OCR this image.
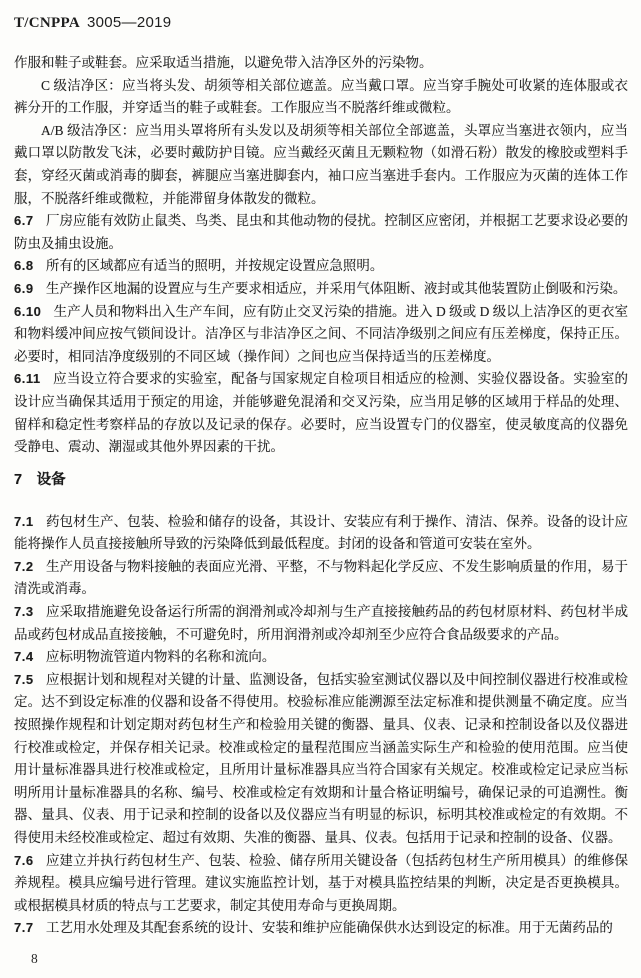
T/CNPPA 3005—2019

作服和鞋子或鞋套。应采取适当措施，以避免带入洁净区外的污染物。

C 级洁净区：应当将头发、胡须等相关部位遮盖。应当戴口罩。应当穿手腕处可收紧的连体服或衣裤分开的工作服，并穿适当的鞋子或鞋套。工作服应当不脱落纤维或微粒。

A/B 级洁净区：应当用头罩将所有头发以及胡须等相关部位全部遮盖，头罩应当塞进衣领内，应当戴口罩以防散发飞沫，必要时戴防护目镜。应当戴经灭菌且无颗粒物（如滑石粉）散发的橡胶或塑料手套，穿经灭菌或消毒的脚套，裤腿应当塞进脚套内，袖口应当塞进手套内。工作服应为灭菌的连体工作服，不脱落纤维或微粒，并能滞留身体散发的微粒。

6.7 厂房应能有效防止鼠类、鸟类、昆虫和其他动物的侵扰。控制区应密闭，并根据工艺要求设必要的防虫及捕虫设施。

6.8 所有的区域都应有适当的照明，并按规定设置应急照明。

6.9 生产操作区地漏的设置应与生产要求相适应，并采用气体阻断、液封或其他装置防止倒吸和污染。

6.10 生产人员和物料出入生产车间，应有防止交叉污染的措施。进入 D 级或 D 级以上洁净区的更衣室和物料缓冲间应按气锁间设计。洁净区与非洁净区之间、不同洁净级别之间应有压差梯度，保持正压。必要时，相同洁净度级别的不同区域（操作间）之间也应当保持适当的压差梯度。

6.11 应当设立符合要求的实验室，配备与国家规定自检项目相适应的检测、实验仪器设备。实验室的设计应当确保其适用于预定的用途，并能够避免混淆和交叉污染，应当用足够的区域用于样品的处理、留样和稳定性考察样品的存放以及记录的保存。必要时，应当设置专门的仪器室，使灵敏度高的仪器免受静电、震动、潮湿或其他外界因素的干扰。

7 设备

7.1 药包材生产、包装、检验和储存的设备，其设计、安装应有利于操作、清洁、保养。设备的设计应能将操作人员直接接触所导致的污染降低到最低程度。封闭的设备和管道可安装在室外。

7.2 生产用设备与物料接触的表面应光滑、平整，不与物料起化学反应、不发生影响质量的作用，易于清洗或消毒。

7.3 应采取措施避免设备运行所需的润滑剂或冷却剂与生产直接接触药品的药包材原材料、药包材半成品或药包材成品直接接触，不可避免时，所用润滑剂或冷却剂至少应符合食品级要求的产品。

7.4 应标明物流管道内物料的名称和流向。

7.5 应根据计划和规程对关键的计量、监测设备，包括实验室测试仪器以及中间控制仪器进行校准或检定。达不到设定标准的仪器和设备不得使用。校验标准应能溯源至法定标准和提供测量不确定度。应当按照操作规程和计划定期对药包材生产和检验用关键的衡器、量具、仪表、记录和控制设备以及仪器进行校准或检定，并保存相关记录。校准或检定的量程范围应当涵盖实际生产和检验的使用范围。应当使用计量标准器具进行校准或检定，且所用计量标准器具应当符合国家有关规定。校准或检定记录应当标明所用计量标准器具的名称、编号、校准或检定有效期和计量合格证明编号，确保记录的可追溯性。衡器、量具、仪表、用于记录和控制的设备以及仪器应当有明显的标识，标明其校准或检定的有效期。不得使用未经校准或检定、超过有效期、失准的衡器、量具、仪表。包括用于记录和控制的设备、仪器。

7.6 应建立并执行药包材生产、包装、检验、储存所用关键设备（包括药包材生产所用模具）的维修保养规程。模具应编号进行管理。建议实施监控计划，基于对模具监控结果的判断，决定是否更换模具。或根据模具材质的特点与工艺要求，制定其使用寿命与更换周期。

7.7 工艺用水处理及其配套系统的设计、安装和维护应能确保供水达到设定的标准。用于无菌药品的

8
